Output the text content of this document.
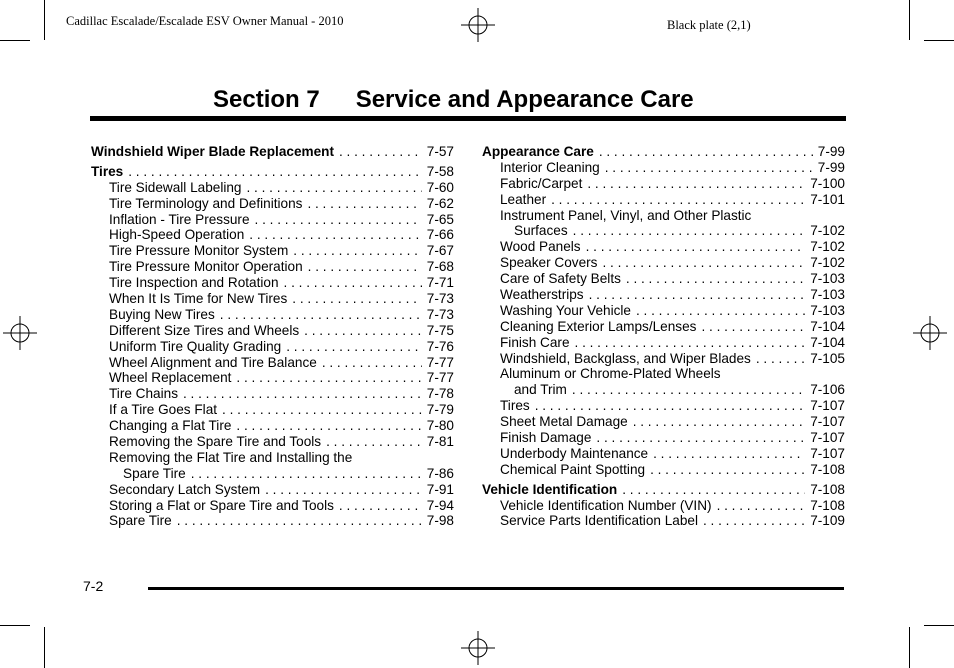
Cadillac Escalade/Escalade ESV Owner Manual - 2010	Black plate (2,1)
Section 7 Service and Appearance Care
Windshield Wiper Blade Replacement . . .	7-57
Tires . . .	7-58
Tire Sidewall Labeling . . .	7-60
Tire Terminology and Definitions . . .	7-62
Inflation - Tire Pressure . . .	7-65
High-Speed Operation . . .	7-66
Tire Pressure Monitor System . . .	7-67
Tire Pressure Monitor Operation . . .	7-68
Tire Inspection and Rotation . . .	7-71
When It Is Time for New Tires . . .	7-73
Buying New Tires . . .	7-73
Different Size Tires and Wheels . . .	7-75
Uniform Tire Quality Grading . . .	7-76
Wheel Alignment and Tire Balance . . .	7-77
Wheel Replacement . . .	7-77
Tire Chains . . .	7-78
If a Tire Goes Flat . . .	7-79
Changing a Flat Tire . . .	7-80
Removing the Spare Tire and Tools . . .	7-81
Removing the Flat Tire and Installing the
Spare Tire . . .	7-86
Secondary Latch System . . .	7-91
Storing a Flat or Spare Tire and Tools . . .	7-94
Spare Tire . . .	7-98
Appearance Care . . .	7-99
Interior Cleaning . . .	7-99
Fabric/Carpet . . .	7-100
Leather . . .	7-101
Instrument Panel, Vinyl, and Other Plastic
Surfaces . . .	7-102
Wood Panels . . .	7-102
Speaker Covers . . .	7-102
Care of Safety Belts . . .	7-103
Weatherstrips . . .	7-103
Washing Your Vehicle . . .	7-103
Cleaning Exterior Lamps/Lenses . . .	7-104
Finish Care . . .	7-104
Windshield, Backglass, and Wiper Blades . . .	7-105
Aluminum or Chrome-Plated Wheels
and Trim . . .	7-106
Tires . . .	7-107
Sheet Metal Damage . . .	7-107
Finish Damage . . .	7-107
Underbody Maintenance . . .	7-107
Chemical Paint Spotting . . .	7-108
Vehicle Identification . . .	7-108
Vehicle Identification Number (VIN) . . .	7-108
Service Parts Identification Label . . .	7-109
7-2
